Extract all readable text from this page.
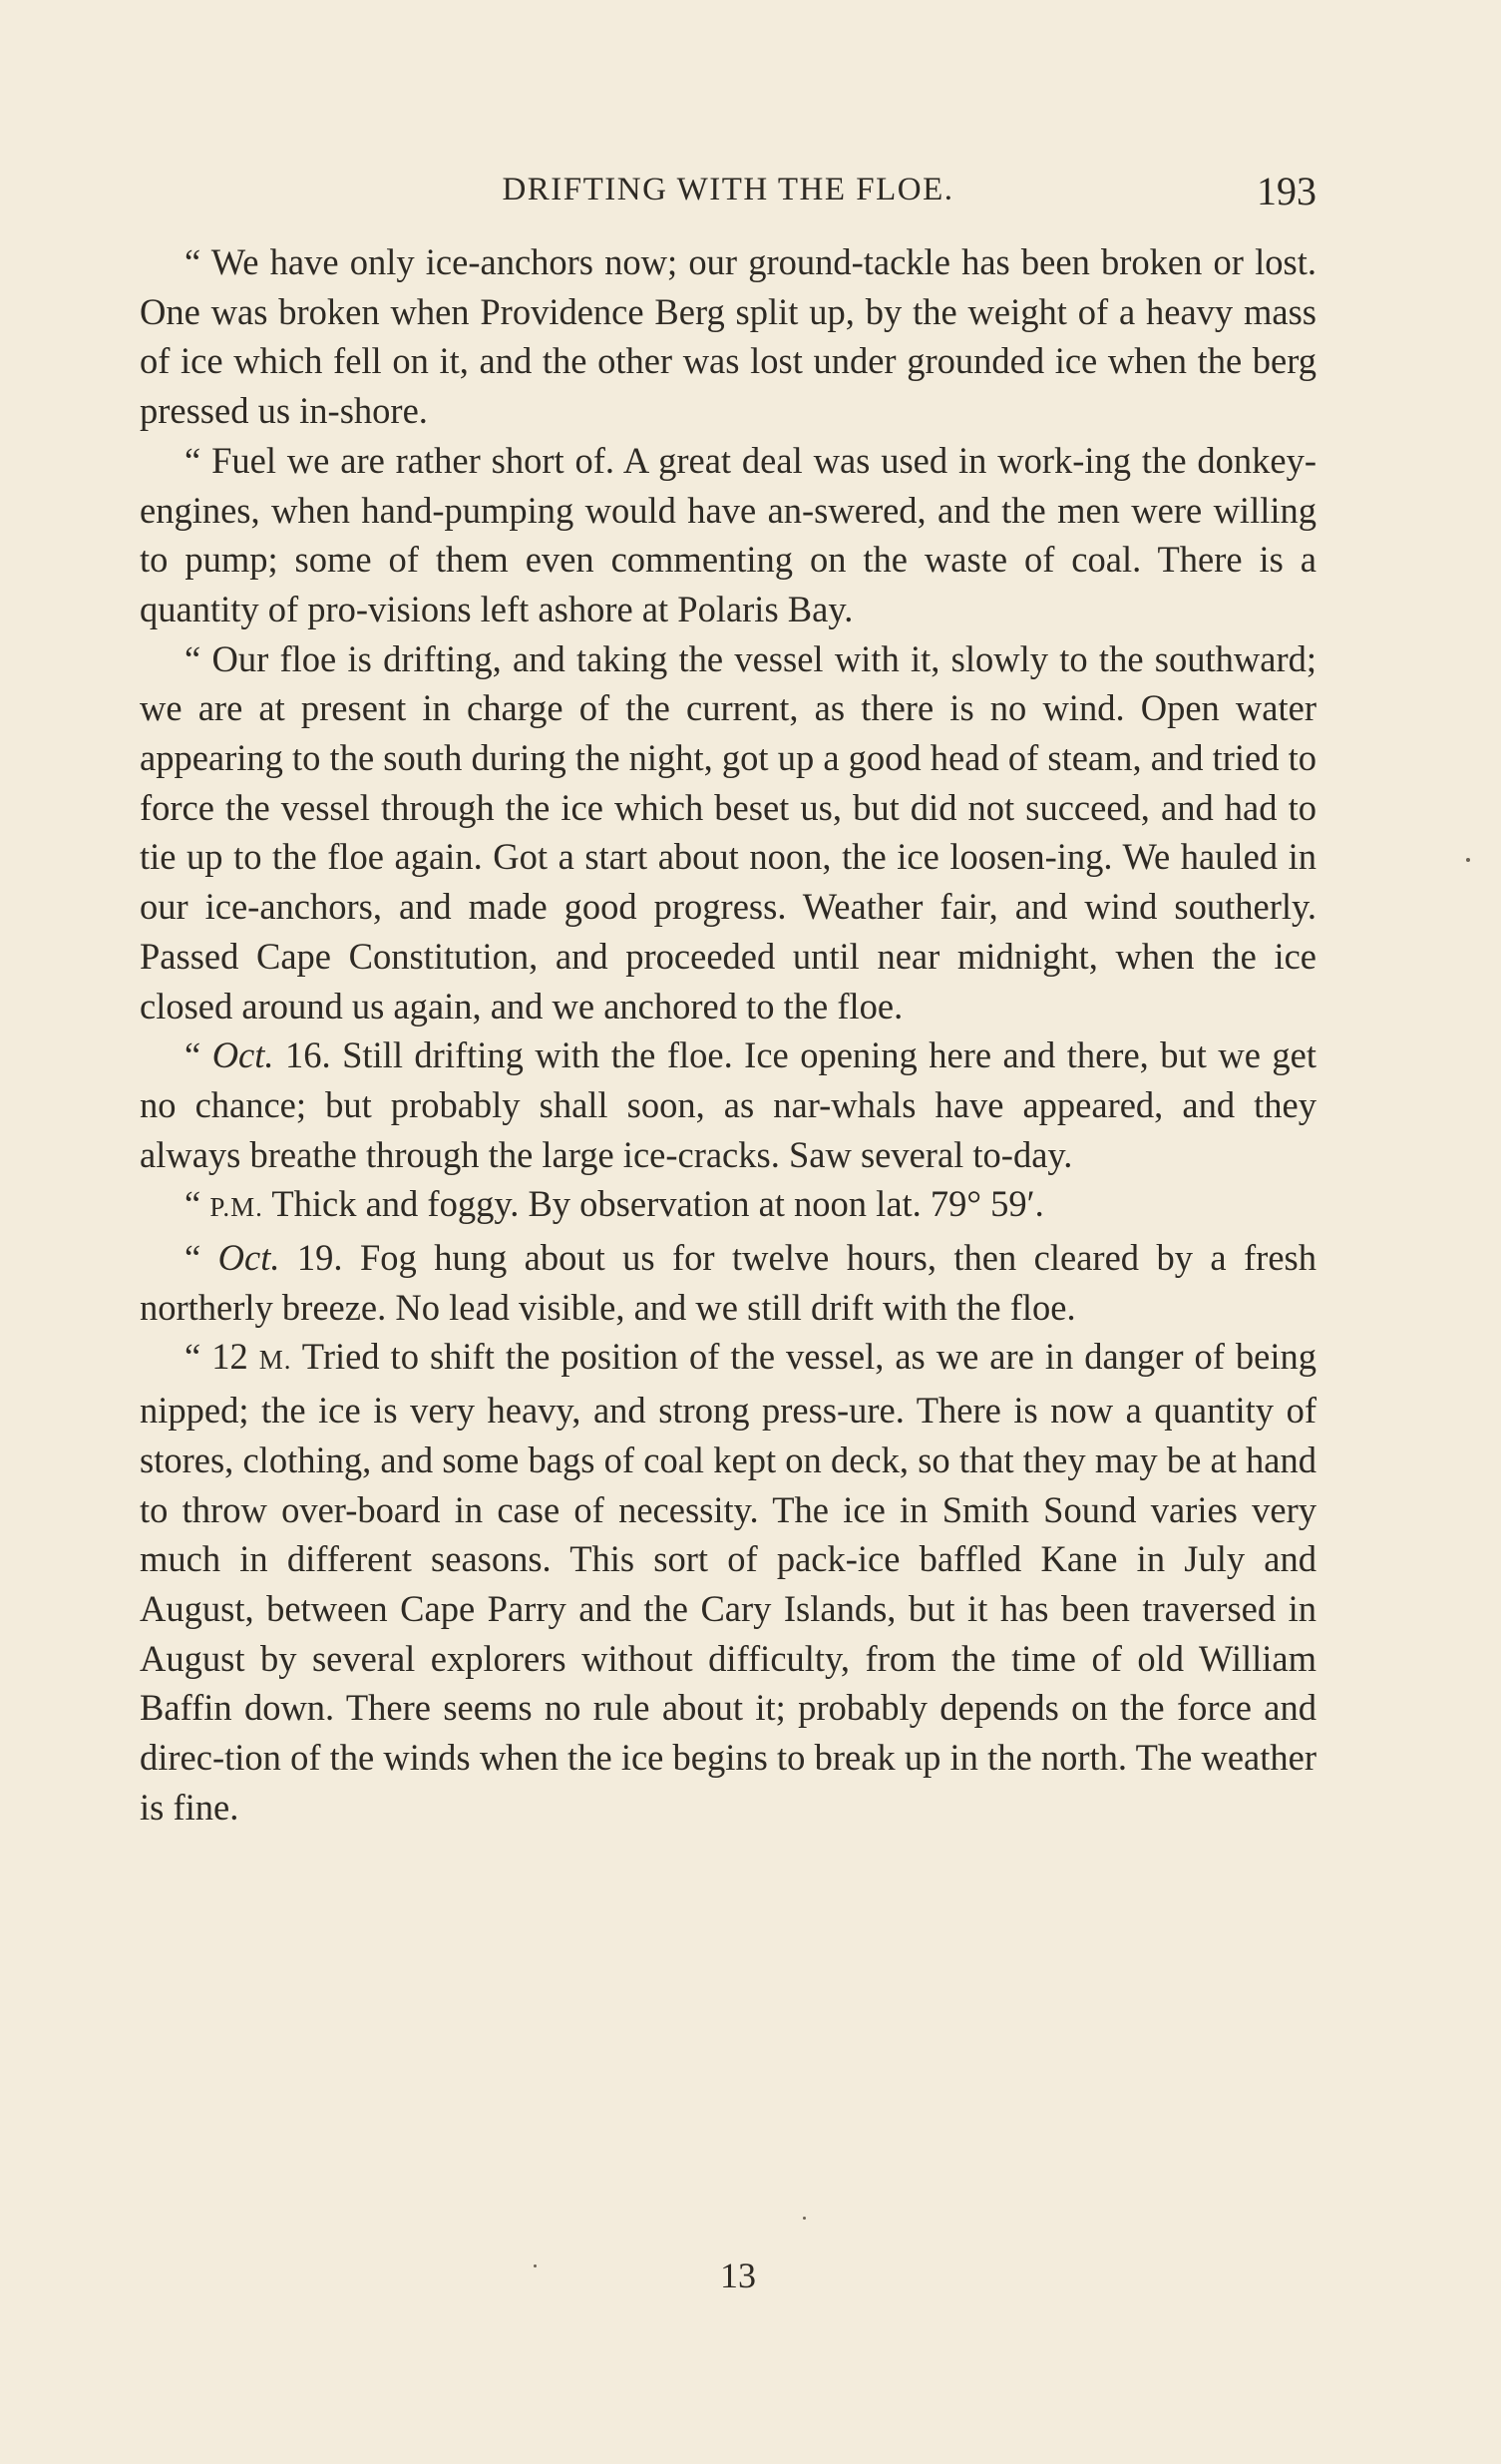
DRIFTING WITH THE FLOE.	193

“ We have only ice-anchors now; our ground-tackle has been broken or lost. One was broken when Providence Berg split up, by the weight of a heavy mass of ice which fell on it, and the other was lost under grounded ice when the berg pressed us in-shore.

“ Fuel we are rather short of. A great deal was used in work-ing the donkey-engines, when hand-pumping would have an-swered, and the men were willing to pump; some of them even commenting on the waste of coal. There is a quantity of pro-visions left ashore at Polaris Bay.

“ Our floe is drifting, and taking the vessel with it, slowly to the southward; we are at present in charge of the current, as there is no wind. Open water appearing to the south during the night, got up a good head of steam, and tried to force the vessel through the ice which beset us, but did not succeed, and had to tie up to the floe again. Got a start about noon, the ice loosen-ing. We hauled in our ice-anchors, and made good progress. Weather fair, and wind southerly. Passed Cape Constitution, and proceeded until near midnight, when the ice closed around us again, and we anchored to the floe.

“ Oct. 16. Still drifting with the floe. Ice opening here and there, but we get no chance; but probably shall soon, as nar-whals have appeared, and they always breathe through the large ice-cracks. Saw several to-day.

“ P.M. Thick and foggy. By observation at noon lat. 79° 59′.

“ Oct. 19. Fog hung about us for twelve hours, then cleared by a fresh northerly breeze. No lead visible, and we still drift with the floe.

“ 12 M. Tried to shift the position of the vessel, as we are in danger of being nipped; the ice is very heavy, and strong press-ure. There is now a quantity of stores, clothing, and some bags of coal kept on deck, so that they may be at hand to throw over-board in case of necessity. The ice in Smith Sound varies very much in different seasons. This sort of pack-ice baffled Kane in July and August, between Cape Parry and the Cary Islands, but it has been traversed in August by several explorers without difficulty, from the time of old William Baffin down. There seems no rule about it; probably depends on the force and direc-tion of the winds when the ice begins to break up in the north. The weather is fine.

13
